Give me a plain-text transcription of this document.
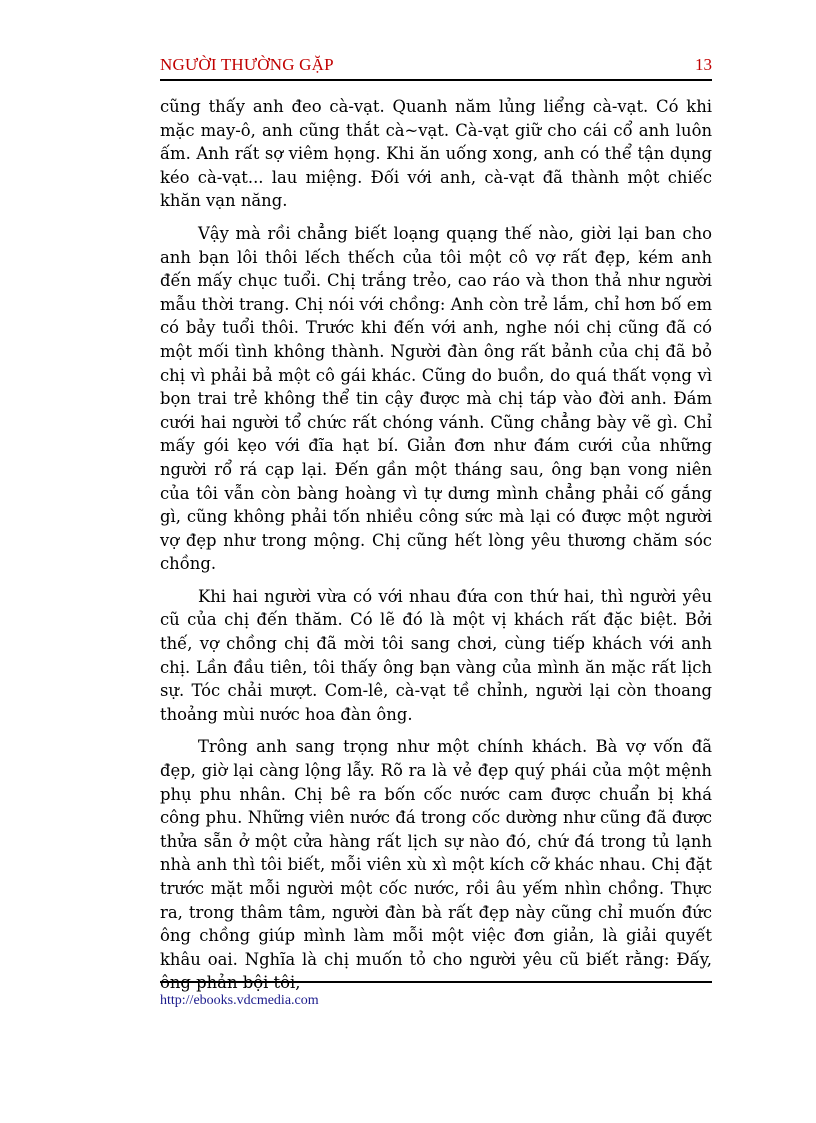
NGƯỜI THƯỜNG GẶP	13

cũng thấy anh đeo cà-vạt. Quanh năm lủng liểng cà-vạt. Có khi mặc may-ô, anh cũng thắt cà~vạt. Cà-vạt giữ cho cái cổ anh luôn ấm. Anh rất sợ viêm họng. Khi ăn uống xong, anh có thể tận dụng kéo cà-vạt... lau miệng. Đối với anh, cà-vạt đã thành một chiếc khăn vạn năng.

Vậy mà rồi chẳng biết loạng quạng thế nào, giời lại ban cho anh bạn lôi thôi lếch thếch của tôi một cô vợ rất đẹp, kém anh đến mấy chục tuổi. Chị trắng trẻo, cao ráo và thon thả như người mẫu thời trang. Chị nói với chồng: Anh còn trẻ lắm, chỉ hơn bố em có bảy tuổi thôi. Trước khi đến với anh, nghe nói chị cũng đã có một mối tình không thành. Người đàn ông rất bảnh của chị đã bỏ chị vì phải bả một cô gái khác. Cũng do buồn, do quá thất vọng vì bọn trai trẻ không thể tin cậy được mà chị táp vào đời anh. Đám cưới hai người tổ chức rất chóng vánh. Cũng chẳng bày vẽ gì. Chỉ mấy gói kẹo với đĩa hạt bí. Giản đơn như đám cưới của những người rổ rá cạp lại. Đến gần một tháng sau, ông bạn vong niên của tôi vẫn còn bàng hoàng vì tự dưng mình chẳng phải cố gắng gì, cũng không phải tốn nhiều công sức mà lại có được một người vợ đẹp như trong mộng. Chị cũng hết lòng yêu thương chăm sóc chồng.

Khi hai người vừa có với nhau đứa con thứ hai, thì người yêu cũ của chị đến thăm. Có lẽ đó là một vị khách rất đặc biệt. Bởi thế, vợ chồng chị đã mời tôi sang chơi, cùng tiếp khách với anh chị. Lần đầu tiên, tôi thấy ông bạn vàng của mình ăn mặc rất lịch sự. Tóc chải mượt. Com-lê, cà-vạt tề chỉnh, người lại còn thoang thoảng mùi nước hoa đàn ông.

Trông anh sang trọng như một chính khách. Bà vợ vốn đã đẹp, giờ lại càng lộng lẫy. Rõ ra là vẻ đẹp quý phái của một mệnh phụ phu nhân. Chị bê ra bốn cốc nước cam được chuẩn bị khá công phu. Những viên nước đá trong cốc dường như cũng đã được thửa sẵn ở một cửa hàng rất lịch sự nào đó, chứ đá trong tủ lạnh nhà anh thì tôi biết, mỗi viên xù xì một kích cỡ khác nhau. Chị đặt trước mặt mỗi người một cốc nước, rồi âu yếm nhìn chồng. Thực ra, trong thâm tâm, người đàn bà rất đẹp này cũng chỉ muốn đức ông chồng giúp mình làm mỗi một việc đơn giản, là giải quyết khâu oai. Nghĩa là chị muốn tỏ cho người yêu cũ biết rằng: Đấy, ông phản bội tôi,

http://ebooks.vdcmedia.com
